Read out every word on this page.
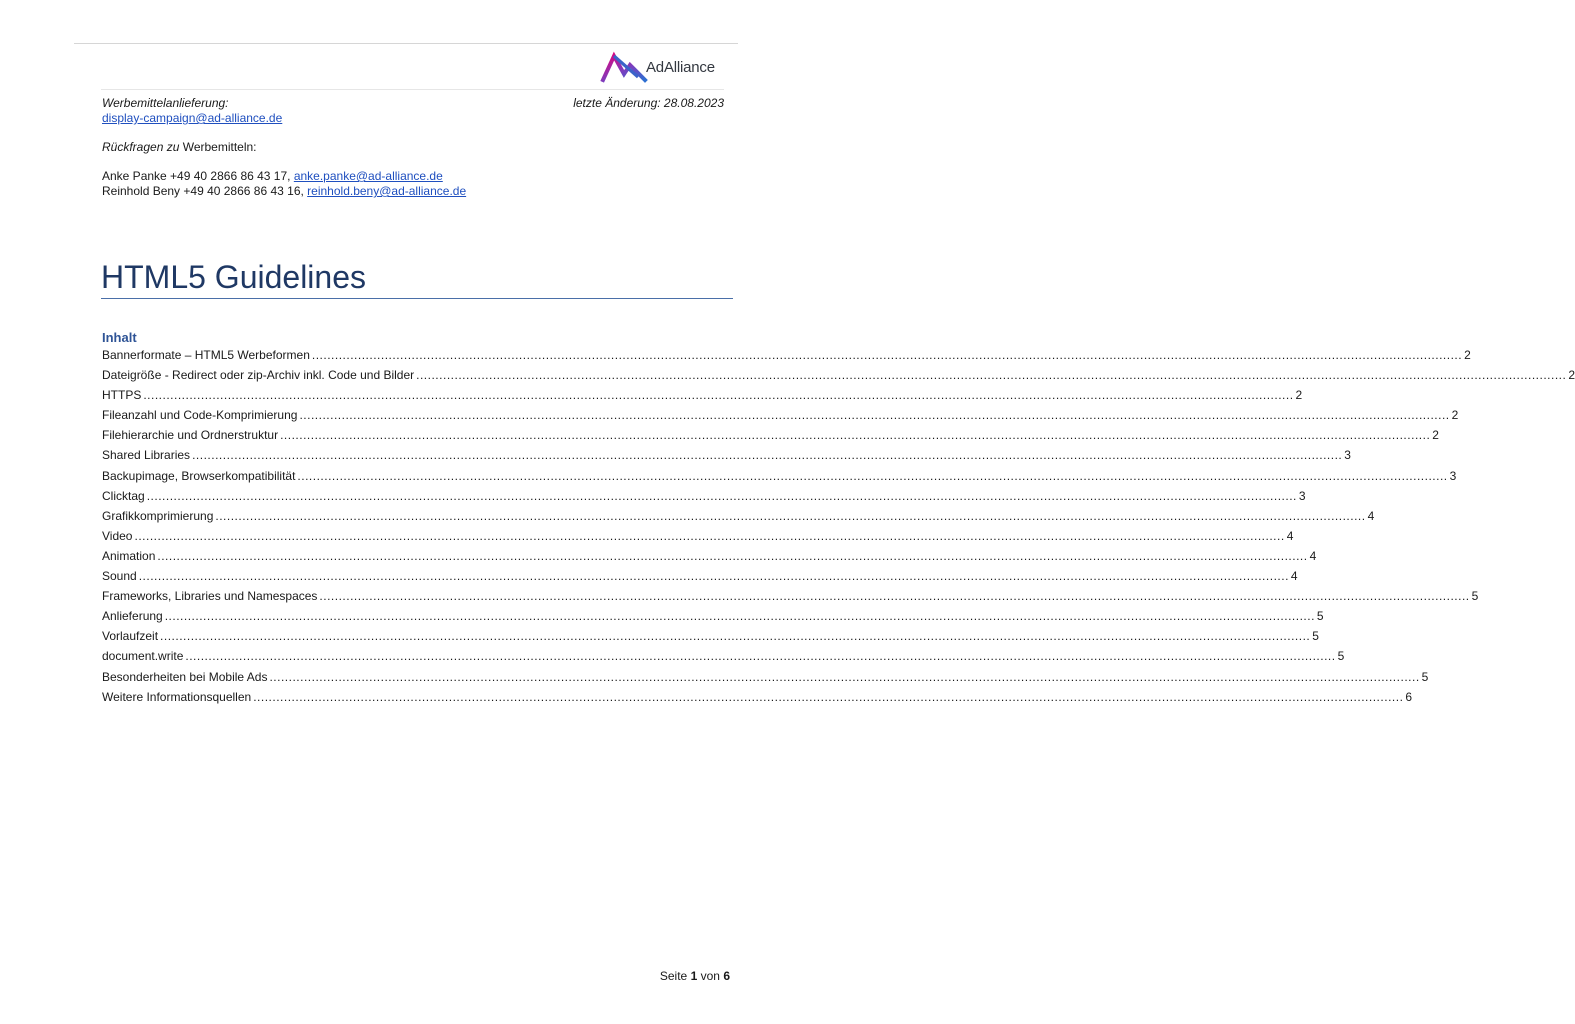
AdAlliance
Werbemittelanlieferung:	letzte Änderung: 28.08.2023
display-campaign@ad-alliance.de
Rückfragen zu Werbemitteln:
Anke Panke +49 40 2866 86 43 17, anke.panke@ad-alliance.de
Reinhold Beny +49 40 2866 86 43 16, reinhold.beny@ad-alliance.de
HTML5 Guidelines
Inhalt
Bannerformate – HTML5 Werbeformen ............................................................................................................................................................................................................................................................................................................ 2
Dateigröße - Redirect oder zip-Archiv inkl. Code und Bilder ............................................................................................................................................................................................................................................................................................................ 2
HTTPS ............................................................................................................................................................................................................................................................................................................ 2
Fileanzahl und Code-Komprimierung ............................................................................................................................................................................................................................................................................................................ 2
Filehierarchie und Ordnerstruktur ............................................................................................................................................................................................................................................................................................................ 2
Shared Libraries ............................................................................................................................................................................................................................................................................................................ 3
Backupimage, Browserkompatibilität ............................................................................................................................................................................................................................................................................................................ 3
Clicktag ............................................................................................................................................................................................................................................................................................................ 3
Grafikkomprimierung ............................................................................................................................................................................................................................................................................................................ 4
Video ............................................................................................................................................................................................................................................................................................................ 4
Animation ............................................................................................................................................................................................................................................................................................................ 4
Sound ............................................................................................................................................................................................................................................................................................................ 4
Frameworks, Libraries und Namespaces ............................................................................................................................................................................................................................................................................................................ 5
Anlieferung ............................................................................................................................................................................................................................................................................................................ 5
Vorlaufzeit ............................................................................................................................................................................................................................................................................................................ 5
document.write ............................................................................................................................................................................................................................................................................................................ 5
Besonderheiten bei Mobile Ads ............................................................................................................................................................................................................................................................................................................ 5
Weitere Informationsquellen ............................................................................................................................................................................................................................................................................................................ 6
Seite 1 von 6
